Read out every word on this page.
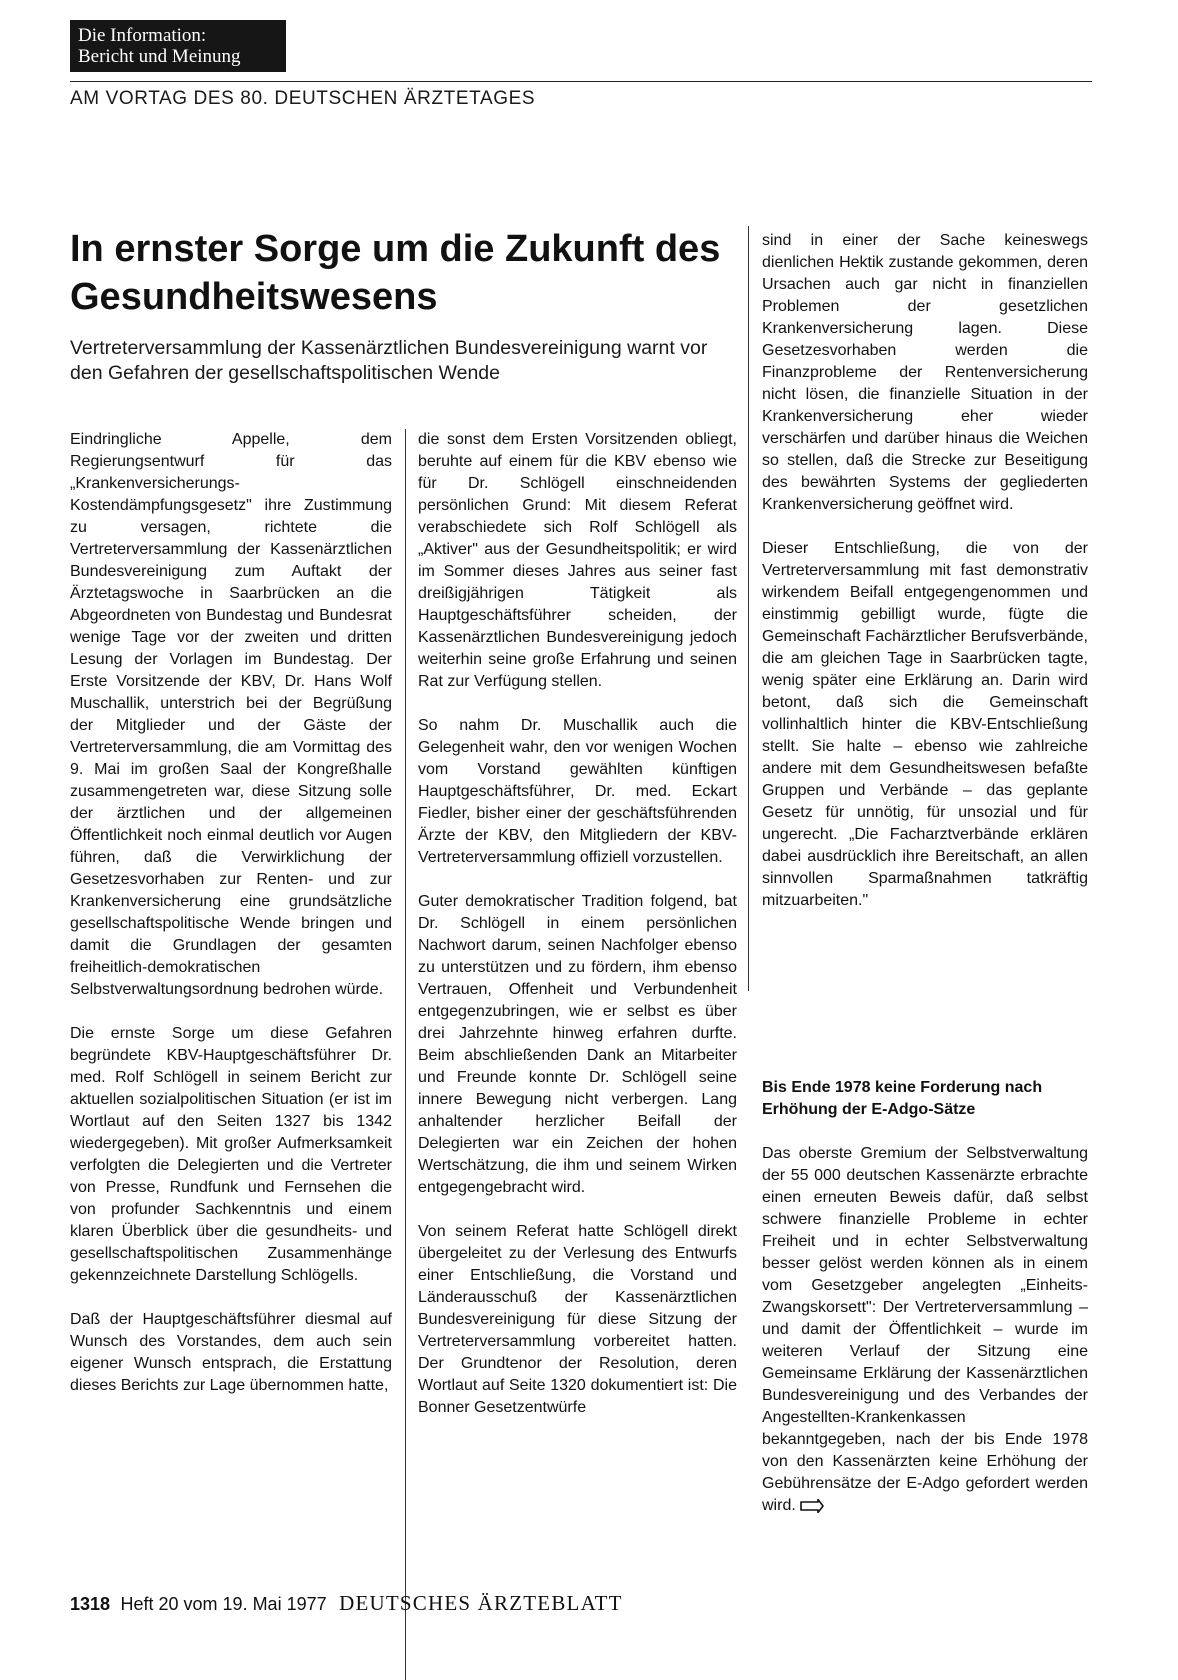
Die Information:
Bericht und Meinung
AM VORTAG DES 80. DEUTSCHEN ÄRZTETAGES
In ernster Sorge um die Zukunft des Gesundheitswesens

Vertreterversammlung der Kassenärztlichen Bundesvereinigung warnt vor den Gefahren der gesellschaftspolitischen Wende

Eindringliche Appelle, dem Regierungsentwurf für das „Krankenversicherungs-Kostendämpfungsgesetz" ihre Zustimmung zu versagen, richtete die Vertreterversammlung der Kassenärztlichen Bundesvereinigung zum Auftakt der Ärztetagswoche in Saarbrücken an die Abgeordneten von Bundestag und Bundesrat wenige Tage vor der zweiten und dritten Lesung der Vorlagen im Bundestag. Der Erste Vorsitzende der KBV, Dr. Hans Wolf Muschallik, unterstrich bei der Begrüßung der Mitglieder und der Gäste der Vertreterversammlung, die am Vormittag des 9. Mai im großen Saal der Kongreßhalle zusammengetreten war, diese Sitzung solle der ärztlichen und der allgemeinen Öffentlichkeit noch einmal deutlich vor Augen führen, daß die Verwirklichung der Gesetzesvorhaben zur Renten- und zur Krankenversicherung eine grundsätzliche gesellschaftspolitische Wende bringen und damit die Grundlagen der gesamten freiheitlich-demokratischen Selbstverwaltungsordnung bedrohen würde.

Die ernste Sorge um diese Gefahren begründete KBV-Hauptgeschäftsführer Dr. med. Rolf Schlögell in seinem Bericht zur aktuellen sozialpolitischen Situation (er ist im Wortlaut auf den Seiten 1327 bis 1342 wiedergegeben). Mit großer Aufmerksamkeit verfolgten die Delegierten und die Vertreter von Presse, Rundfunk und Fernsehen die von profunder Sachkenntnis und einem klaren Überblick über die gesundheits- und gesellschaftspolitischen Zusammenhänge gekennzeichnete Darstellung Schlögells.

Daß der Hauptgeschäftsführer diesmal auf Wunsch des Vorstandes, dem auch sein eigener Wunsch entsprach, die Erstattung dieses Berichts zur Lage übernommen hatte,

die sonst dem Ersten Vorsitzenden obliegt, beruhte auf einem für die KBV ebenso wie für Dr. Schlögell einschneidenden persönlichen Grund: Mit diesem Referat verabschiedete sich Rolf Schlögell als „Aktiver" aus der Gesundheitspolitik; er wird im Sommer dieses Jahres aus seiner fast dreißigjährigen Tätigkeit als Hauptgeschäftsführer scheiden, der Kassenärztlichen Bundesvereinigung jedoch weiterhin seine große Erfahrung und seinen Rat zur Verfügung stellen.

So nahm Dr. Muschallik auch die Gelegenheit wahr, den vor wenigen Wochen vom Vorstand gewählten künftigen Hauptgeschäftsführer, Dr. med. Eckart Fiedler, bisher einer der geschäftsführenden Ärzte der KBV, den Mitgliedern der KBV-Vertreterversammlung offiziell vorzustellen.

Guter demokratischer Tradition folgend, bat Dr. Schlögell in einem persönlichen Nachwort darum, seinen Nachfolger ebenso zu unterstützen und zu fördern, ihm ebenso Vertrauen, Offenheit und Verbundenheit entgegenzubringen, wie er selbst es über drei Jahrzehnte hinweg erfahren durfte. Beim abschließenden Dank an Mitarbeiter und Freunde konnte Dr. Schlögell seine innere Bewegung nicht verbergen. Lang anhaltender herzlicher Beifall der Delegierten war ein Zeichen der hohen Wertschätzung, die ihm und seinem Wirken entgegengebracht wird.

Von seinem Referat hatte Schlögell direkt übergeleitet zu der Verlesung des Entwurfs einer Entschließung, die Vorstand und Länderausschuß der Kassenärztlichen Bundesvereinigung für diese Sitzung der Vertreterversammlung vorbereitet hatten. Der Grundtenor der Resolution, deren Wortlaut auf Seite 1320 dokumentiert ist: Die Bonner Gesetzentwürfe

sind in einer der Sache keineswegs dienlichen Hektik zustande gekommen, deren Ursachen auch gar nicht in finanziellen Problemen der gesetzlichen Krankenversicherung lagen. Diese Gesetzesvorhaben werden die Finanzprobleme der Rentenversicherung nicht lösen, die finanzielle Situation in der Krankenversicherung eher wieder verschärfen und darüber hinaus die Weichen so stellen, daß die Strecke zur Beseitigung des bewährten Systems der gegliederten Krankenversicherung geöffnet wird.

Dieser Entschließung, die von der Vertreterversammlung mit fast demonstrativ wirkendem Beifall entgegengenommen und einstimmig gebilligt wurde, fügte die Gemeinschaft Fachärztlicher Berufsverbände, die am gleichen Tage in Saarbrücken tagte, wenig später eine Erklärung an. Darin wird betont, daß sich die Gemeinschaft vollinhaltlich hinter die KBV-Entschließung stellt. Sie halte – ebenso wie zahlreiche andere mit dem Gesundheitswesen befaßte Gruppen und Verbände – das geplante Gesetz für unnötig, für unsozial und für ungerecht. „Die Facharztverbände erklären dabei ausdrücklich ihre Bereitschaft, an allen sinnvollen Sparmaßnahmen tatkräftig mitzuarbeiten."

Bis Ende 1978 keine Forderung nach Erhöhung der E-Adgo-Sätze

Das oberste Gremium der Selbstverwaltung der 55 000 deutschen Kassenärzte erbrachte einen erneuten Beweis dafür, daß selbst schwere finanzielle Probleme in echter Freiheit und in echter Selbstverwaltung besser gelöst werden können als in einem vom Gesetzgeber angelegten „Einheits-Zwangskorsett": Der Vertreterversammlung – und damit der Öffentlichkeit – wurde im weiteren Verlauf der Sitzung eine Gemeinsame Erklärung der Kassenärztlichen Bundesvereinigung und des Verbandes der Angestellten-Krankenkassen bekanntgegeben, nach der bis Ende 1978 von den Kassenärzten keine Erhöhung der Gebührensätze der E-Adgo gefordert werden wird.

1318 Heft 20 vom 19. Mai 1977 DEUTSCHES ÄRZTEBLATT
